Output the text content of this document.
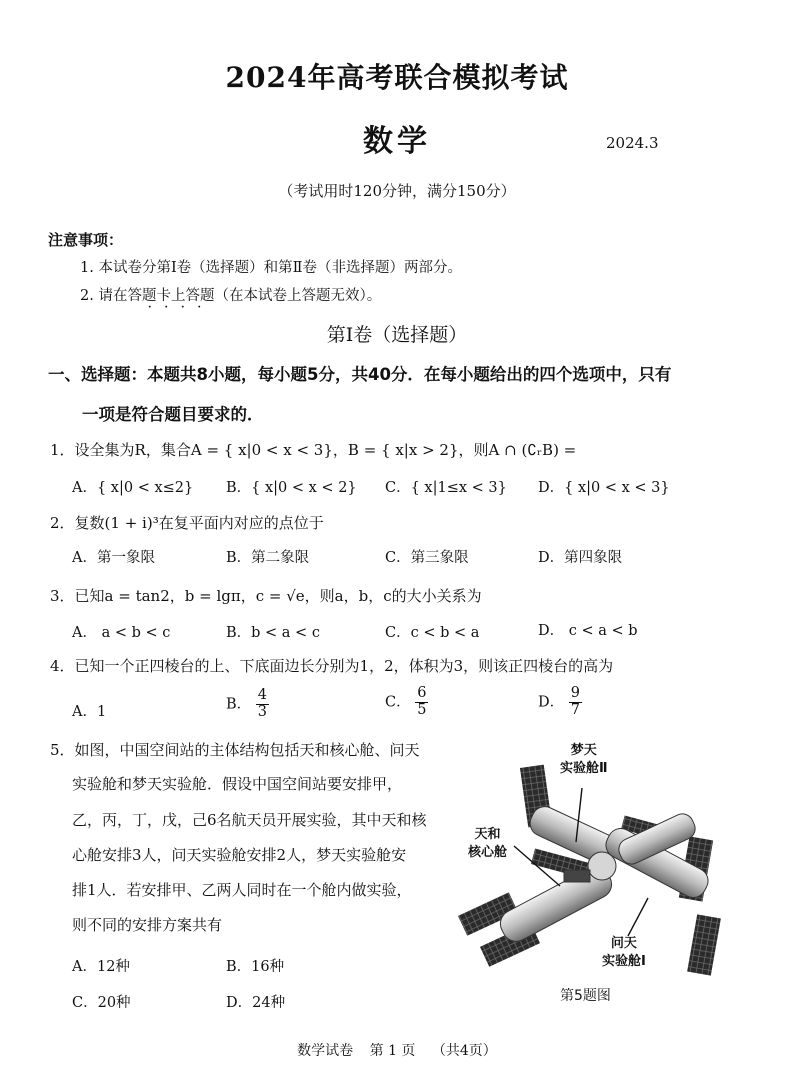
2024年高考联合模拟考试
数学	2024.3
（考试用时120分钟，满分150分）
注意事项：
1. 本试卷分第Ⅰ卷（选择题）和第Ⅱ卷（非选择题）两部分。
2. 请在答题卡上答题（在本试卷上答题无效）。
····
第Ⅰ卷（选择题）
一、选择题：本题共8小题，每小题5分，共40分．在每小题给出的四个选项中，只有
一项是符合题目要求的．
1．设全集为R，集合A = { x|0 < x < 3}，B = { x|x > 2}，则A ∩ (∁ᵣB) =
A．{ x|0 < x≤2} B．{ x|0 < x < 2} C．{ x|1≤x < 3} D．{ x|0 < x < 3}
2．复数(1 + i)³在复平面内对应的点位于
A．第一象限	B．第二象限	C．第三象限	D．第四象限
3．已知a = tan2，b = lgπ，c = √e，则a，b，c的大小关系为
A． a < b < c	B．b < a < c	C．c < b < a	D． c < a < b
4．已知一个正四棱台的上、下底面边长分别为1，2，体积为3，则该正四棱台的高为
A．1	B． $\frac{4}{3}$	C． $\frac{6}{5}$	D． $\frac{9}{7}$
5．如图，中国空间站的主体结构包括天和核心舱、问天
实验舱和梦天实验舱．假设中国空间站要安排甲，
乙，丙，丁，戊，己6名航天员开展实验，其中天和核
心舱安排3人，问天实验舱安排2人，梦天实验舱安
排1人．若安排甲、乙两人同时在一个舱内做实验，
则不同的安排方案共有
A．12种	B．16种
C．20种	D．24种
梦天
实验舱Ⅱ
天和
核心舱
问天
实验舱Ⅰ
第5题图
数学试卷 第 1 页 （共4页）
